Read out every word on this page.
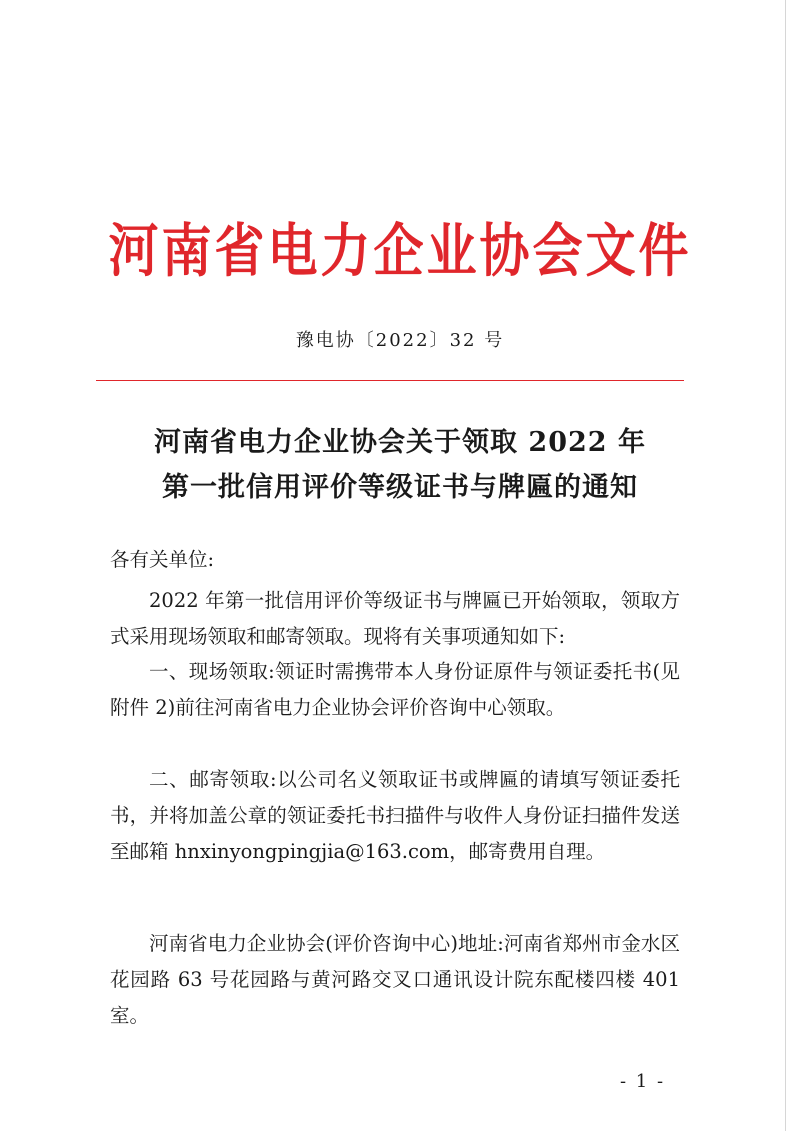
河南省电力企业协会文件
豫电协〔2022〕32 号
河南省电力企业协会关于领取 2022 年
第一批信用评价等级证书与牌匾的通知
各有关单位:

2022 年第一批信用评价等级证书与牌匾已开始领取，领取方式采用现场领取和邮寄领取。现将有关事项通知如下:

一、现场领取:领证时需携带本人身份证原件与领证委托书(见附件 2)前往河南省电力企业协会评价咨询中心领取。

二、邮寄领取:以公司名义领取证书或牌匾的请填写领证委托书，并将加盖公章的领证委托书扫描件与收件人身份证扫描件发送至邮箱 hnxinyongpingjia@163.com，邮寄费用自理。

河南省电力企业协会(评价咨询中心)地址:河南省郑州市金水区花园路 63 号花园路与黄河路交叉口通讯设计院东配楼四楼 401 室。

- 1 -
